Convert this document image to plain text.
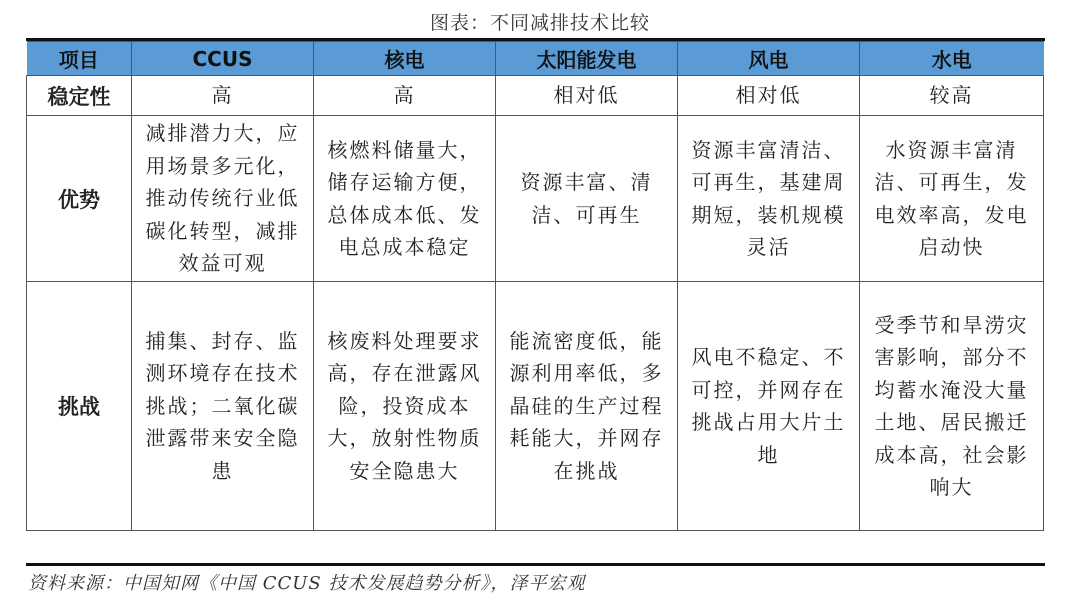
图表：不同减排技术比较
项目	CCUS	核电	太阳能发电	风电	水电
稳定性	高	高	相对低	相对低	较高
优势	减排潜力大，应用场景多元化，推动传统行业低碳化转型，减排效益可观	核燃料储量大，储存运输方便，总体成本低、发电总成本稳定	资源丰富、清洁、可再生	资源丰富清洁、可再生，基建周期短，装机规模灵活	水资源丰富清洁、可再生，发电效率高，发电启动快
挑战	捕集、封存、监测环境存在技术挑战；二氧化碳泄露带来安全隐患	核废料处理要求高，存在泄露风险，投资成本大，放射性物质安全隐患大	能流密度低，能源利用率低，多晶硅的生产过程耗能大，并网存在挑战	风电不稳定、不可控，并网存在挑战占用大片土地	受季节和旱涝灾害影响，部分不均蓄水淹没大量土地、居民搬迁成本高，社会影响大
资料来源：中国知网《中国 CCUS 技术发展趋势分析》，泽平宏观
